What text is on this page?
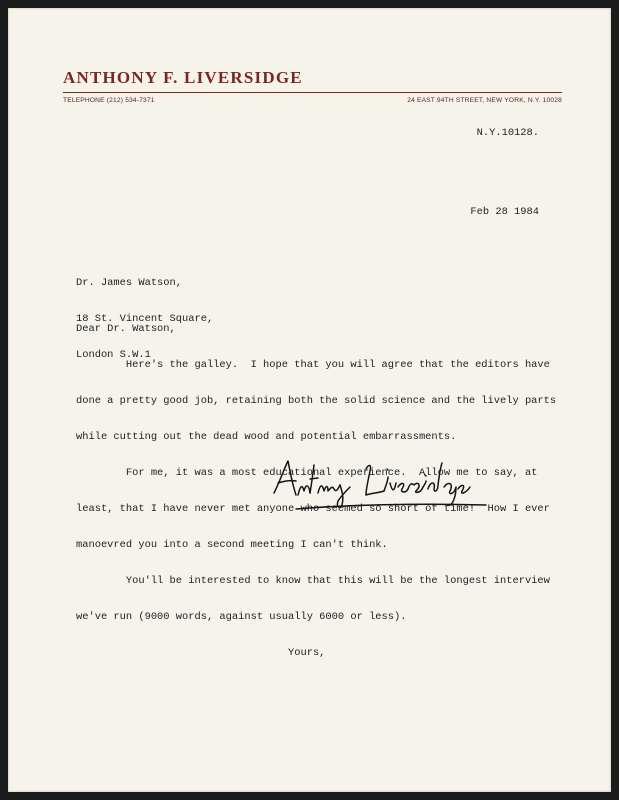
ANTHONY F. LIVERSIDGE
TELEPHONE (212) 534-7371	24 EAST 94TH STREET, NEW YORK, N.Y. 10028
N.Y.10128.
Feb 28 1984

Dr. James Watson,

18 St. Vincent Square,

London S.W.1

Dear Dr. Watson,

Here's the galley.  I hope that you will agree that the editors have

done a pretty good job, retaining both the solid science and the lively parts

while cutting out the dead wood and potential embarrassments.

For me, it was a most educational experience.  Allow me to say, at

least, that I have never met anyone who seemed so short of time!  How I ever

manoevred you into a second meeting I can't think.

You'll be interested to know that this will be the longest interview

we've run (9000 words, against usually 6000 or less).

Yours,
